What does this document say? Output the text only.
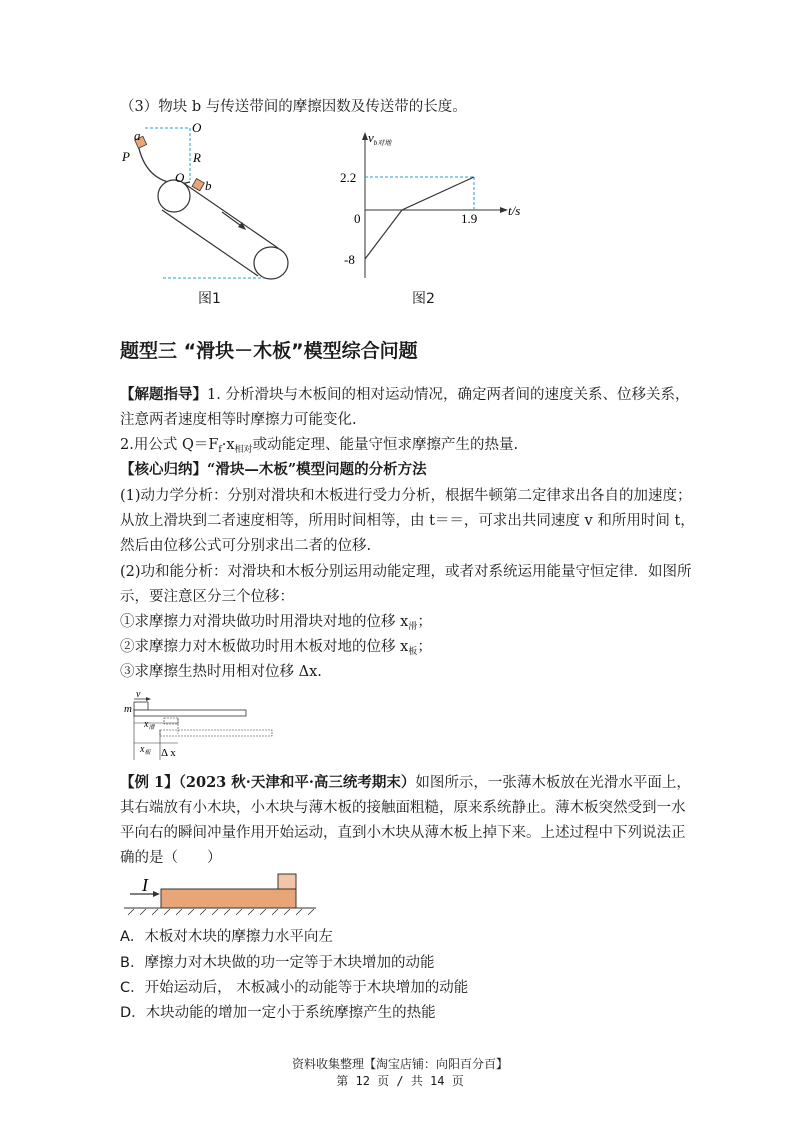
（3）物块 b 与传送带间的摩擦因数及传送带的长度。
a
P
O
R
O
b
图1
$v_{b对地}$
2.2
0	1.9
t/s
-8
图2
题型三 “滑块－木板”模型综合问题
【解题指导】1. 分析滑块与木板间的相对运动情况，确定两者间的速度关系、位移关系，
注意两者速度相等时摩擦力可能变化.
2.用公式 $Q=F_f\cdot x_{相对}$或动能定理、能量守恒求摩擦产生的热量.
【核心归纳】“滑块—木板”模型问题的分析方法
(1)动力学分析：分别对滑块和木板进行受力分析，根据牛顿第二定律求出各自的加速度；
从放上滑块到二者速度相等，所用时间相等，由 t＝＝，可求出共同速度 v 和所用时间 t，
然后由位移公式可分别求出二者的位移.
(2)功和能分析：对滑块和木板分别运用动能定理，或者对系统运用能量守恒定律．如图所
示，要注意区分三个位移：
①求摩擦力对滑块做功时用滑块对地的位移 $x_滑$；
②求摩擦力对木板做功时用木板对地的位移 $x_板$；
③求摩擦生热时用相对位移 Δx.
v
m
$x_滑$
$x_板$ Δ x
【例 1】（2023 秋·天津和平·高三统考期末）如图所示，一张薄木板放在光滑水平面上，
其右端放有小木块，小木块与薄木板的接触面粗糙，原来系统静止。薄木板突然受到一水
平向右的瞬间冲量作用开始运动，直到小木块从薄木板上掉下来。上述过程中下列说法正
确的是（　　）
I
A．木板对木块的摩擦力水平向左
B．摩擦力对木块做的功一定等于木块增加的动能
C．开始运动后， 木板减小的动能等于木块增加的动能
D．木块动能的增加一定小于系统摩擦产生的热能
资料收集整理【淘宝店铺：向阳百分百】
第 12 页 / 共 14 页
